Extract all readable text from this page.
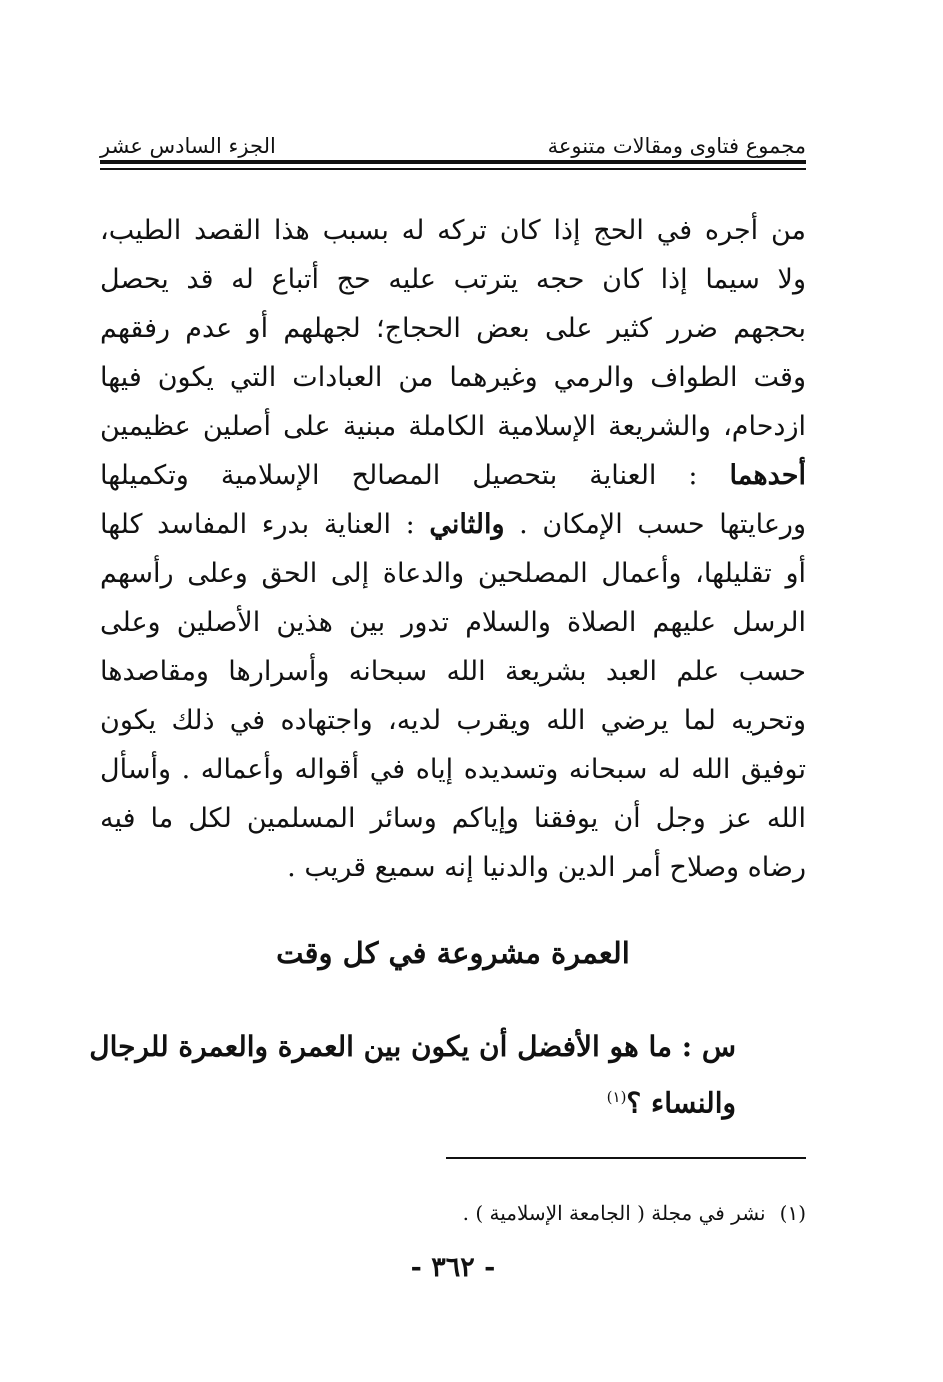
مجموع فتاوى ومقالات متنوعة
الجزء السادس عشر
من أجره في الحج إذا كان تركه له بسبب هذا القصد الطيب،
ولا سيما إذا كان حجه يترتب عليه حج أتباع له قد يحصل
بحجهم ضرر كثير على بعض الحجاج؛ لجهلهم أو عدم رفقهم
وقت الطواف والرمي وغيرهما من العبادات التي يكون فيها
ازدحام، والشريعة الإسلامية الكاملة مبنية على أصلين عظيمين
أحدهما : العناية بتحصيل المصالح الإسلامية وتكميلها
ورعايتها حسب الإمكان . والثاني : العناية بدرء المفاسد كلها
أو تقليلها، وأعمال المصلحين والدعاة إلى الحق وعلى رأسهم
الرسل عليهم الصلاة والسلام تدور بين هذين الأصلين وعلى
حسب علم العبد بشريعة الله سبحانه وأسرارها ومقاصدها
وتحريه لما يرضي الله ويقرب لديه، واجتهاده في ذلك يكون
توفيق الله له سبحانه وتسديده إياه في أقواله وأعماله . وأسأل
الله عز وجل أن يوفقنا وإياكم وسائر المسلمين لكل ما فيه
رضاه وصلاح أمر الدين والدنيا إنه سميع قريب .
العمرة مشروعة في كل وقت
س : ما هو الأفضل أن يكون بين العمرة والعمرة للرجال
والنساء ؟$^{(١)}$
(١)نشر في مجلة ( الجامعة الإسلامية ) .
- ٣٦٢ -
